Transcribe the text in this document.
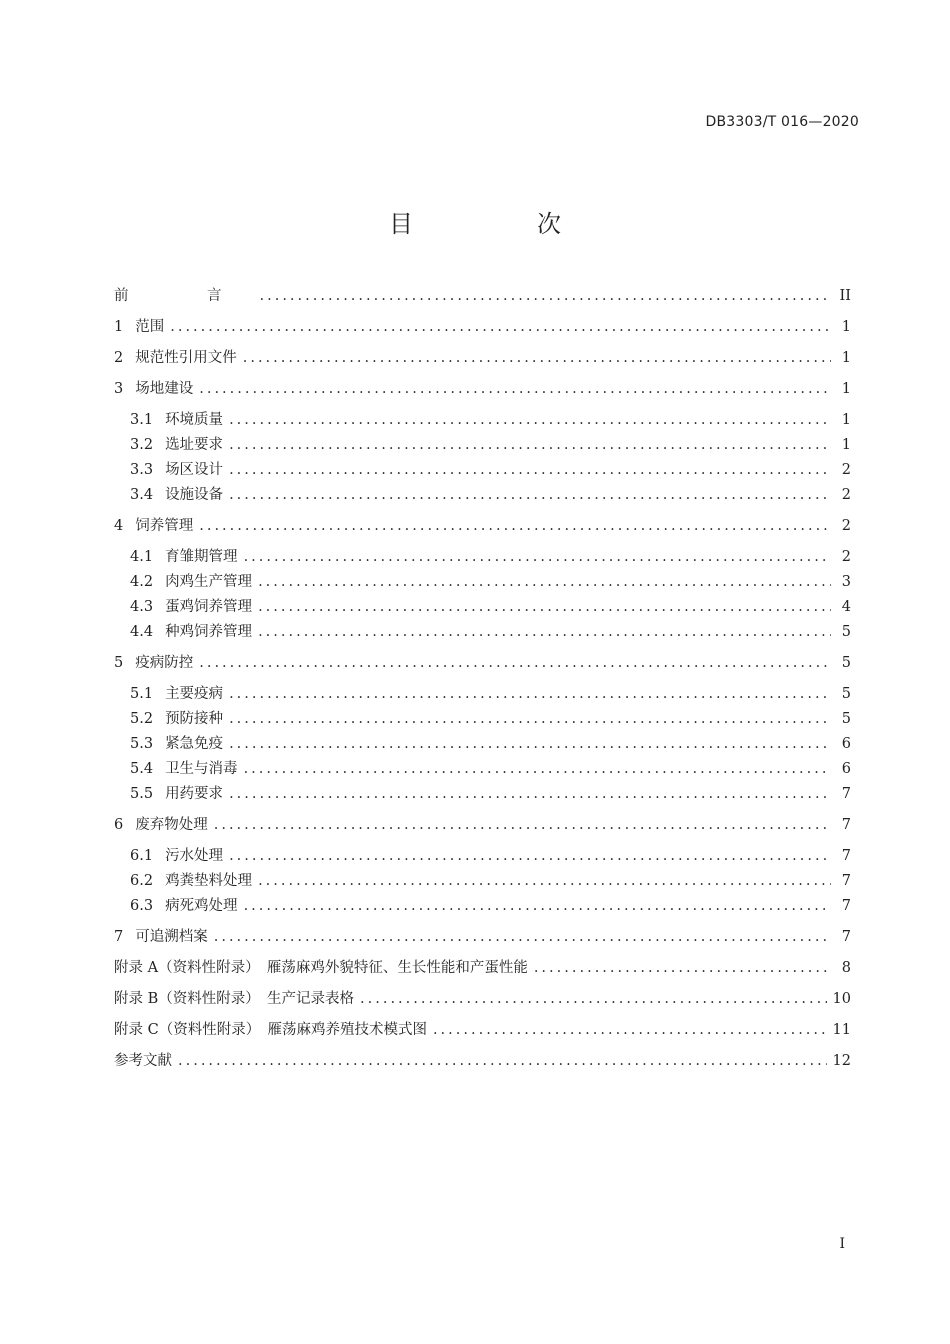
DB3303/T 016—2020
目　次
前　言 .....	II
1 范围 .....	1
2 规范性引用文件 .....	1
3 场地建设 .....	1
3.1 环境质量 .....	1
3.2 选址要求 .....	1
3.3 场区设计 .....	2
3.4 设施设备 .....	2
4 饲养管理 .....	2
4.1 育雏期管理 .....	2
4.2 肉鸡生产管理 .....	3
4.3 蛋鸡饲养管理 .....	4
4.4 种鸡饲养管理 .....	5
5 疫病防控 .....	5
5.1 主要疫病 .....	5
5.2 预防接种 .....	5
5.3 紧急免疫 .....	6
5.4 卫生与消毒 .....	6
5.5 用药要求 .....	7
6 废弃物处理 .....	7
6.1 污水处理 .....	7
6.2 鸡粪垫料处理 .....	7
6.3 病死鸡处理 .....	7
7 可追溯档案 .....	7
附录 A（资料性附录）　雁荡麻鸡外貌特征、生长性能和产蛋性能 .....	8
附录 B（资料性附录）　生产记录表格 .....	10
附录 C（资料性附录）　雁荡麻鸡养殖技术模式图 .....	11
参考文献 .....	12
I
